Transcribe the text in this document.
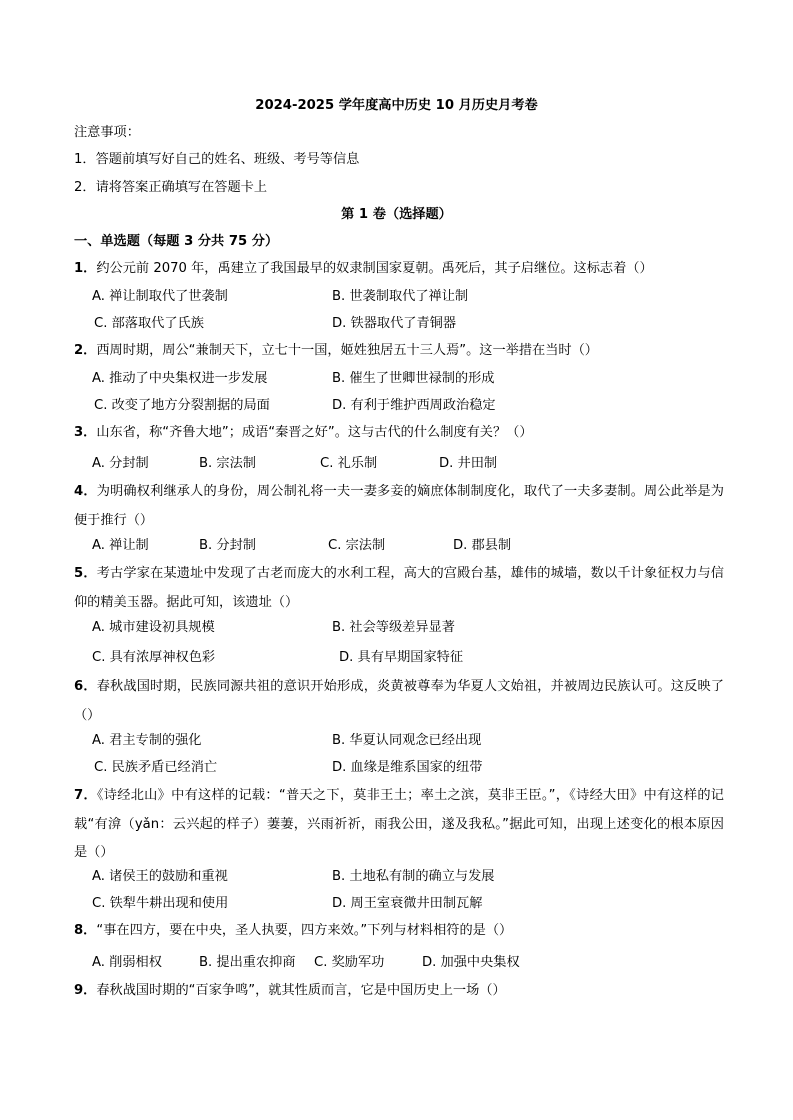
2024-2025 学年度高中历史 10 月历史月考卷
注意事项：
1．答题前填写好自己的姓名、班级、考号等信息
2．请将答案正确填写在答题卡上
第 1 卷（选择题）
一、单选题（每题 3 分共 75 分）
1．约公元前 2070 年，禹建立了我国最早的奴隶制国家夏朝。禹死后，其子启继位。这标志着（）
A. 禅让制取代了世袭制	B. 世袭制取代了禅让制
C. 部落取代了氏族	D. 铁器取代了青铜器
2．西周时期，周公“兼制天下，立七十一国，姬姓独居五十三人焉”。这一举措在当时（）
A. 推动了中央集权进一步发展	B. 催生了世卿世禄制的形成
C. 改变了地方分裂割据的局面	D. 有利于维护西周政治稳定
3．山东省，称“齐鲁大地”；成语“秦晋之好”。这与古代的什么制度有关？（）
A. 分封制	B. 宗法制	C. 礼乐制	D. 井田制
4．为明确权利继承人的身份，周公制礼将一夫一妻多妾的嫡庶体制制度化，取代了一夫多妻制。周公此举是为便于推行（）
A. 禅让制	B. 分封制	C. 宗法制	D. 郡县制
5．考古学家在某遗址中发现了古老而庞大的水利工程，高大的宫殿台基，雄伟的城墙，数以千计象征权力与信仰的精美玉器。据此可知，该遗址（）
A. 城市建设初具规模	B. 社会等级差异显著
C. 具有浓厚神权色彩	D. 具有早期国家特征
6．春秋战国时期，民族同源共祖的意识开始形成，炎黄被尊奉为华夏人文始祖，并被周边民族认可。这反映了（）
A. 君主专制的强化	B. 华夏认同观念已经出现
C. 民族矛盾已经消亡	D. 血缘是维系国家的纽带
7．《诗经北山》中有这样的记载：“普天之下，莫非王土；率土之滨，莫非王臣。”，《诗经大田》中有这样的记载“有渰（yǎn：云兴起的样子）萋萋，兴雨祈祈，雨我公田，遂及我私。”据此可知，出现上述变化的根本原因是（）
A. 诸侯王的鼓励和重视	B. 土地私有制的确立与发展
C. 铁犁牛耕出现和使用	D. 周王室衰微井田制瓦解
8．“事在四方，要在中央，圣人执要，四方来效。”下列与材料相符的是（）
A. 削弱相权	B. 提出重农抑商 C. 奖励军功	D. 加强中央集权
9．春秋战国时期的“百家争鸣”，就其性质而言，它是中国历史上一场（）
